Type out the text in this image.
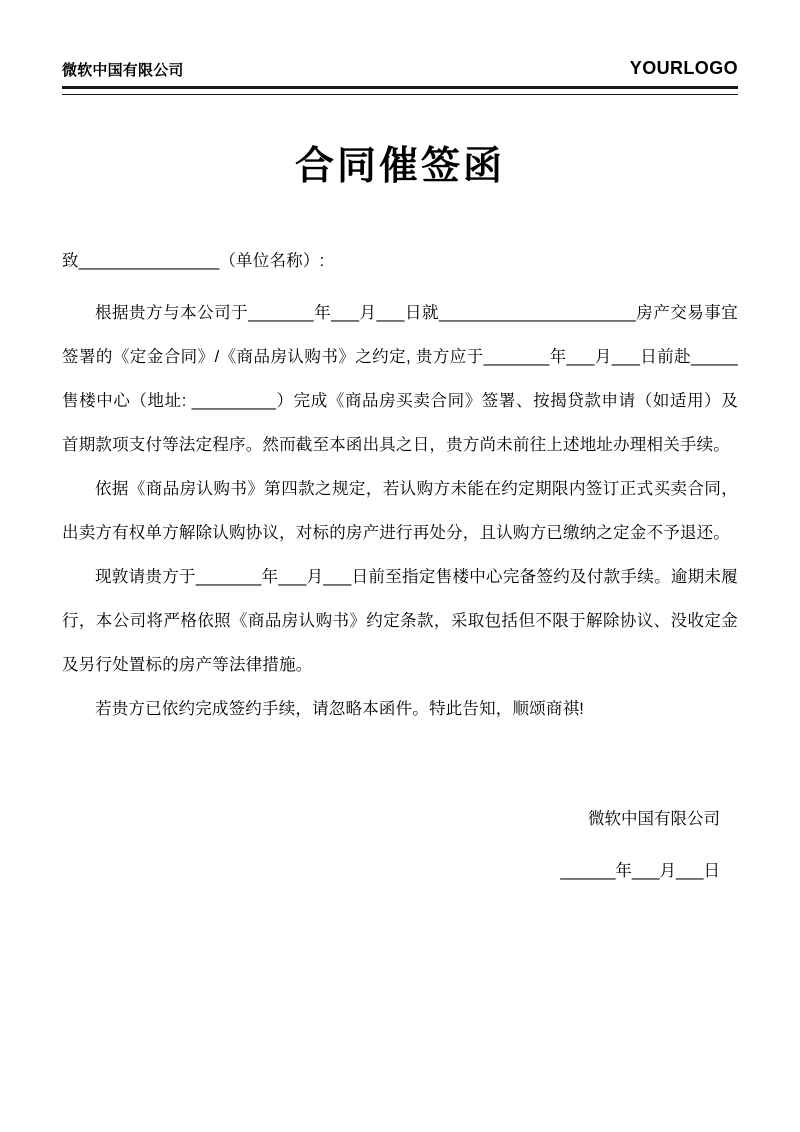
微软中国有限公司	YOURLOGO
合同催签函

致_______________（单位名称）:

根据贵方与本公司于_______年___月___日就_____________________房产交易事宜签署的《定金合同》/《商品房认购书》之约定, 贵方应于_______年___月___日前赴_____售楼中心（地址: _________）完成《商品房买卖合同》签署、按揭贷款申请（如适用）及首期款项支付等法定程序。然而截至本函出具之日，贵方尚未前往上述地址办理相关手续。

依据《商品房认购书》第四款之规定，若认购方未能在约定期限内签订正式买卖合同，出卖方有权单方解除认购协议，对标的房产进行再处分，且认购方已缴纳之定金不予退还。

现敦请贵方于_______年___月___日前至指定售楼中心完备签约及付款手续。逾期未履行，本公司将严格依照《商品房认购书》约定条款，采取包括但不限于解除协议、没收定金及另行处置标的房产等法律措施。

若贵方已依约完成签约手续，请忽略本函件。特此告知，顺颂商祺!

微软中国有限公司
______年___月___日
